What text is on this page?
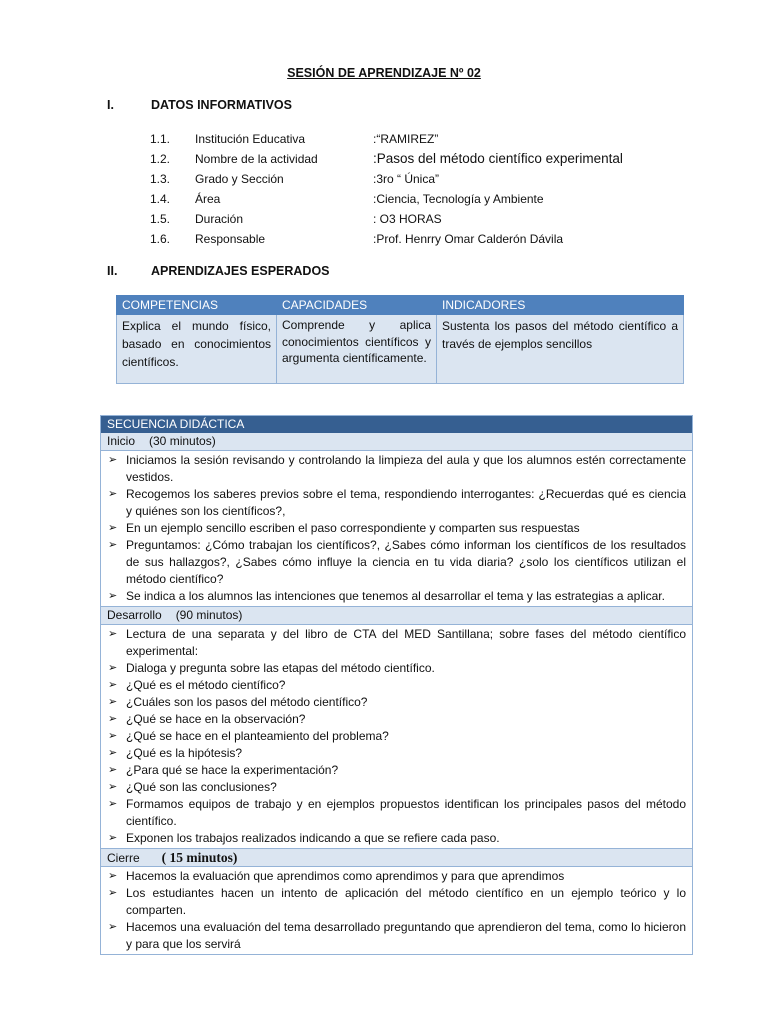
SESIÓN DE APRENDIZAJE Nº 02
I.	DATOS INFORMATIVOS
1.1. Institución Educativa	:“RAMIREZ”
1.2. Nombre de la actividad	:Pasos del método científico experimental
1.3. Grado y Sección	:3ro “ Única”
1.4. Área	:Ciencia, Tecnología y Ambiente
1.5. Duración	: O3 HORAS
1.6. Responsable	:Prof. Henrry Omar Calderón Dávila
II.	APRENDIZAJES ESPERADOS
COMPETENCIAS	CAPACIDADES	INDICADORES

Explica el mundo físico, basado en conocimientos científicos.	Comprende y aplica conocimientos científicos y argumenta científicamente.	Sustenta los pasos del método científico a través de ejemplos sencillos
SECUENCIA DIDÁCTICA
Inicio (30 minutos)
➢ Iniciamos la sesión revisando y controlando la limpieza del aula y que los alumnos estén correctamente vestidos.
➢ Recogemos los saberes previos sobre el tema, respondiendo interrogantes: ¿Recuerdas qué es ciencia y quiénes son los científicos?,
➢ En un ejemplo sencillo escriben el paso correspondiente y comparten sus respuestas
➢ Preguntamos: ¿Cómo trabajan los científicos?, ¿Sabes cómo informan los científicos de los resultados de sus hallazgos?, ¿Sabes cómo influye la ciencia en tu vida diaria? ¿solo los científicos utilizan el método científico?
➢ Se indica a los alumnos las intenciones que tenemos al desarrollar el tema y las estrategias a aplicar.
Desarrollo (90 minutos)
➢ Lectura de una separata y del libro de CTA del MED Santillana; sobre fases del método científico experimental:
➢ Dialoga y pregunta sobre las etapas del método científico.
➢ ¿Qué es el método científico?
➢ ¿Cuáles son los pasos del método científico?
➢ ¿Qué se hace en la observación?
➢ ¿Qué se hace en el planteamiento del problema?
➢ ¿Qué es la hipótesis?
➢ ¿Para qué se hace la experimentación?
➢ ¿Qué son las conclusiones?
➢ Formamos equipos de trabajo y en ejemplos propuestos identifican los principales pasos del método científico.
➢ Exponen los trabajos realizados indicando a que se refiere cada paso.
Cierre ( 15 minutos)
➢ Hacemos la evaluación que aprendimos como aprendimos y para que aprendimos
➢ Los estudiantes hacen un intento de aplicación del método científico en un ejemplo teórico y lo comparten.
➢ Hacemos una evaluación del tema desarrollado preguntando que aprendieron del tema, como lo hicieron y para que los servirá
